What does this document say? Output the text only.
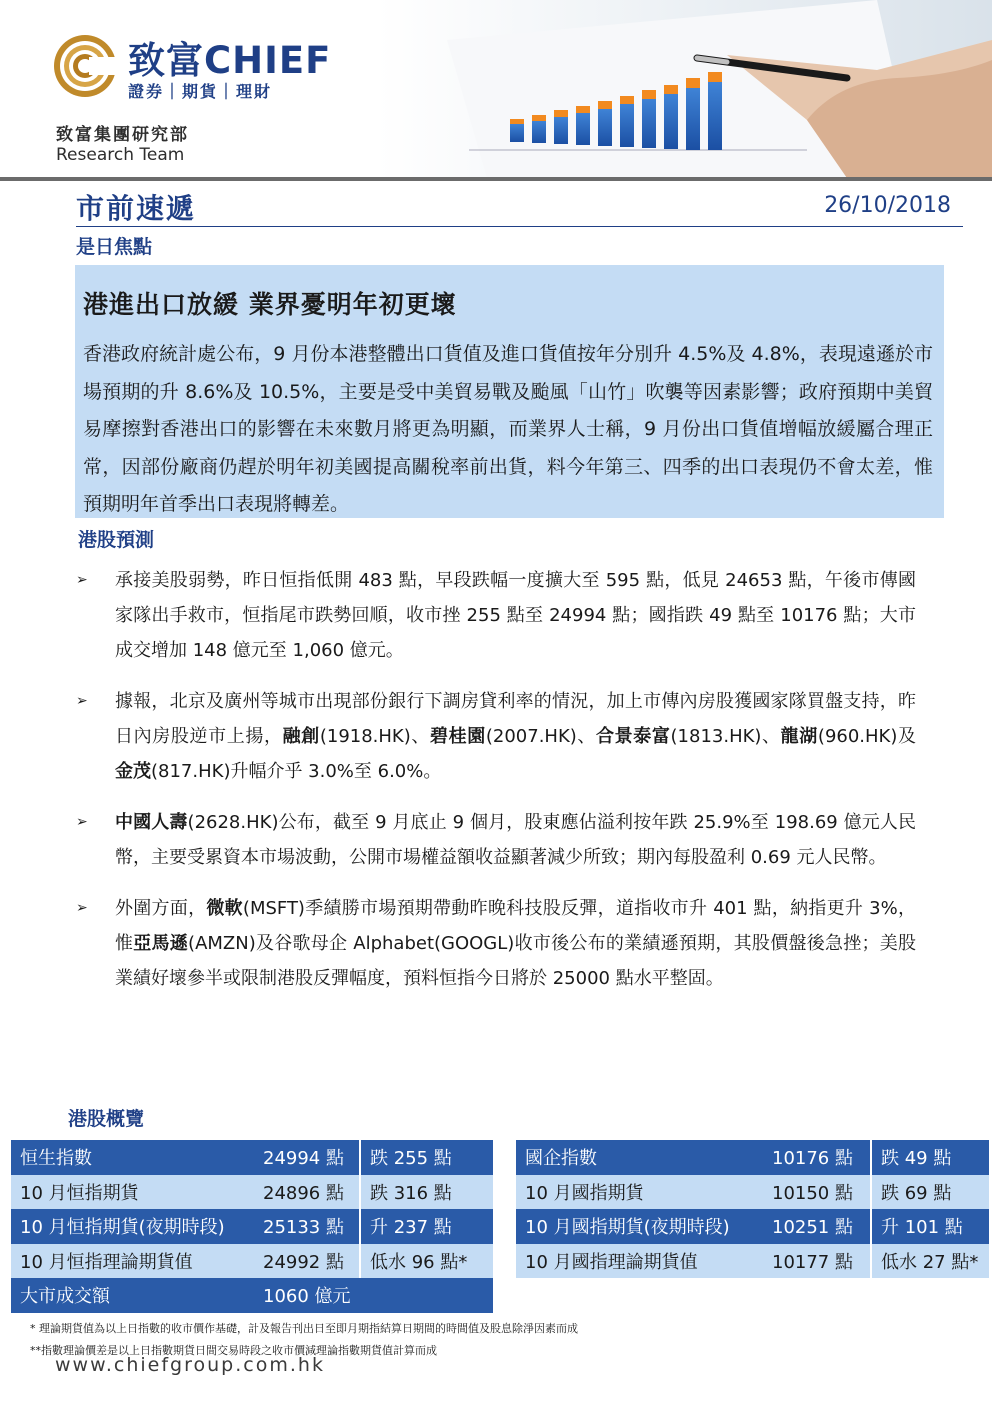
致富CHIEF
證券｜期貨｜理財
致富集團研究部
Research Team
市前速遞	26/10/2018
是日焦點
港進出口放緩 業界憂明年初更壞

香港政府統計處公布，9 月份本港整體出口貨值及進口貨值按年分別升 4.5%及 4.8%，表現遠遜於市場預期的升 8.6%及 10.5%，主要是受中美貿易戰及颱風「山竹」吹襲等因素影響；政府預期中美貿易摩擦對香港出口的影響在未來數月將更為明顯，而業界人士稱，9 月份出口貨值增幅放緩屬合理正常，因部份廠商仍趕於明年初美國提高關稅率前出貨，料今年第三、四季的出口表現仍不會太差，惟預期明年首季出口表現將轉差。

港股預測
➢ 承接美股弱勢，昨日恒指低開 483 點，早段跌幅一度擴大至 595 點，低見 24653 點，午後市傳國家隊出手救市，恒指尾市跌勢回順，收市挫 255 點至 24994 點；國指跌 49 點至 10176 點；大市成交增加 148 億元至 1,060 億元。
➢ 據報，北京及廣州等城市出現部份銀行下調房貸利率的情況，加上市傳內房股獲國家隊買盤支持，昨日內房股逆市上揚，融創(1918.HK)、碧桂園(2007.HK)、合景泰富(1813.HK)、龍湖(960.HK)及金茂(817.HK)升幅介乎 3.0%至 6.0%。
➢ 中國人壽(2628.HK)公布，截至 9 月底止 9 個月，股東應佔溢利按年跌 25.9%至 198.69 億元人民幣，主要受累資本市場波動，公開市場權益額收益顯著減少所致；期內每股盈利 0.69 元人民幣。
➢ 外圍方面，微軟(MSFT)季績勝市場預期帶動昨晚科技股反彈，道指收市升 401 點，納指更升 3%，惟亞馬遜(AMZN)及谷歌母企 Alphabet(GOOGL)收市後公布的業績遜預期，其股價盤後急挫；美股業績好壞參半或限制港股反彈幅度，預料恒指今日將於 25000 點水平整固。
港股概覽
恒生指數	24994 點	跌 255 點
10 月恒指期貨	24896 點	跌 316 點
10 月恒指期貨(夜期時段)	25133 點	升 237 點
10 月恒指理論期貨值	24992 點	低水 96 點*
大市成交額	1060 億元	
國企指數	10176 點	跌 49 點
10 月國指期貨	10150 點	跌 69 點
10 月國指期貨(夜期時段)	10251 點	升 101 點
10 月國指理論期貨值	10177 點	低水 27 點*
* 理論期貨值為以上日指數的收市價作基礎，計及報告刊出日至即月期指結算日期間的時間值及股息除淨因素而成
**指數理論價差是以上日指數期貨日間交易時段之收市價減理論指數期貨值計算而成
www.chiefgroup.com.hk
